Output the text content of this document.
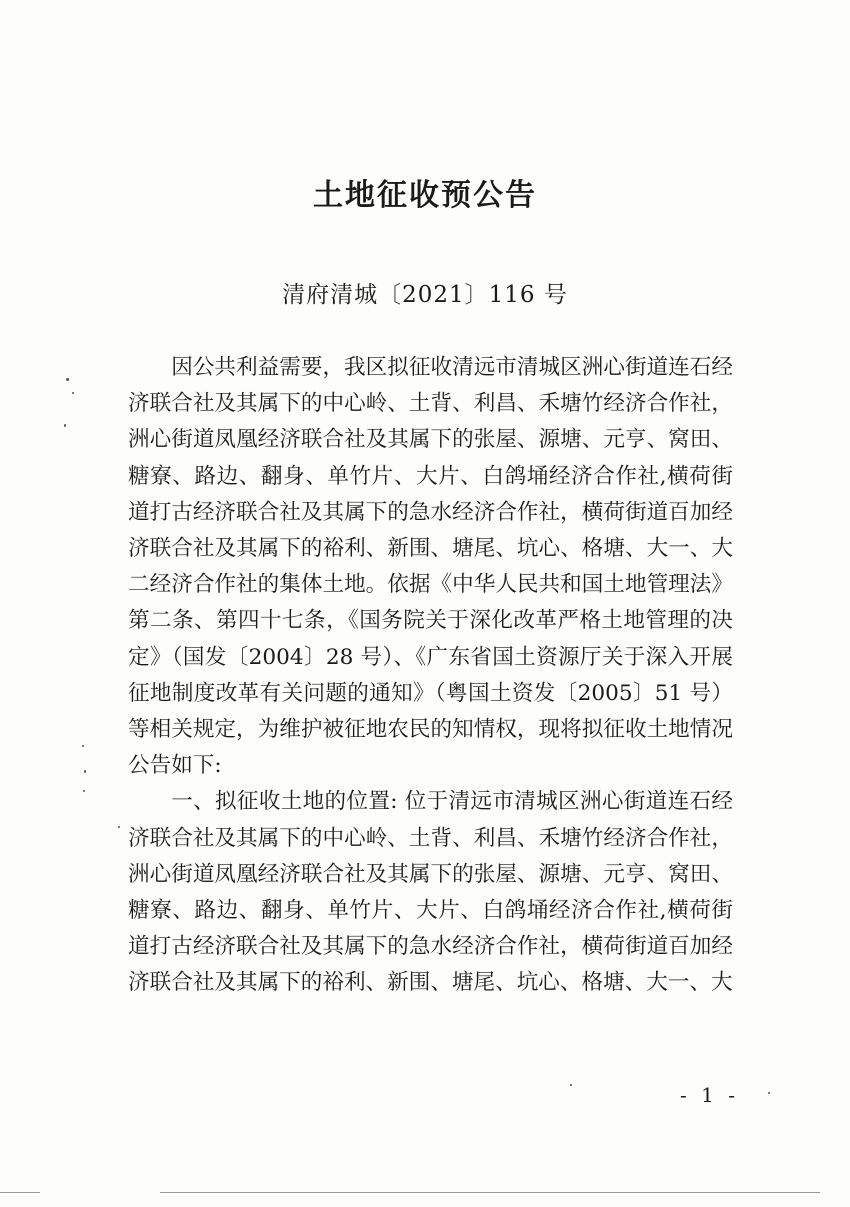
土地征收预公告
清府清城〔2021〕116 号

因公共利益需要，我区拟征收清远市清城区洲心街道连石经济联合社及其属下的中心岭、土背、利昌、禾塘竹经济合作社，洲心街道凤凰经济联合社及其属下的张屋、源塘、元亨、窝田、糖寮、路边、翻身、单竹片、大片、白鸽埇经济合作社,横荷街道打古经济联合社及其属下的急水经济合作社，横荷街道百加经济联合社及其属下的裕利、新围、塘尾、坑心、格塘、大一、大二经济合作社的集体土地。依据《中华人民共和国土地管理法》第二条、第四十七条，《国务院关于深化改革严格土地管理的决定》（国发〔2004〕28 号）、《广东省国土资源厅关于深入开展征地制度改革有关问题的通知》（粤国土资发〔2005〕51 号）等相关规定，为维护被征地农民的知情权，现将拟征收土地情况公告如下:

一、拟征收土地的位置: 位于清远市清城区洲心街道连石经济联合社及其属下的中心岭、土背、利昌、禾塘竹经济合作社，洲心街道凤凰经济联合社及其属下的张屋、源塘、元亨、窝田、糖寮、路边、翻身、单竹片、大片、白鸽埇经济合作社,横荷街道打古经济联合社及其属下的急水经济合作社，横荷街道百加经济联合社及其属下的裕利、新围、塘尾、坑心、格塘、大一、大

- 1 -
